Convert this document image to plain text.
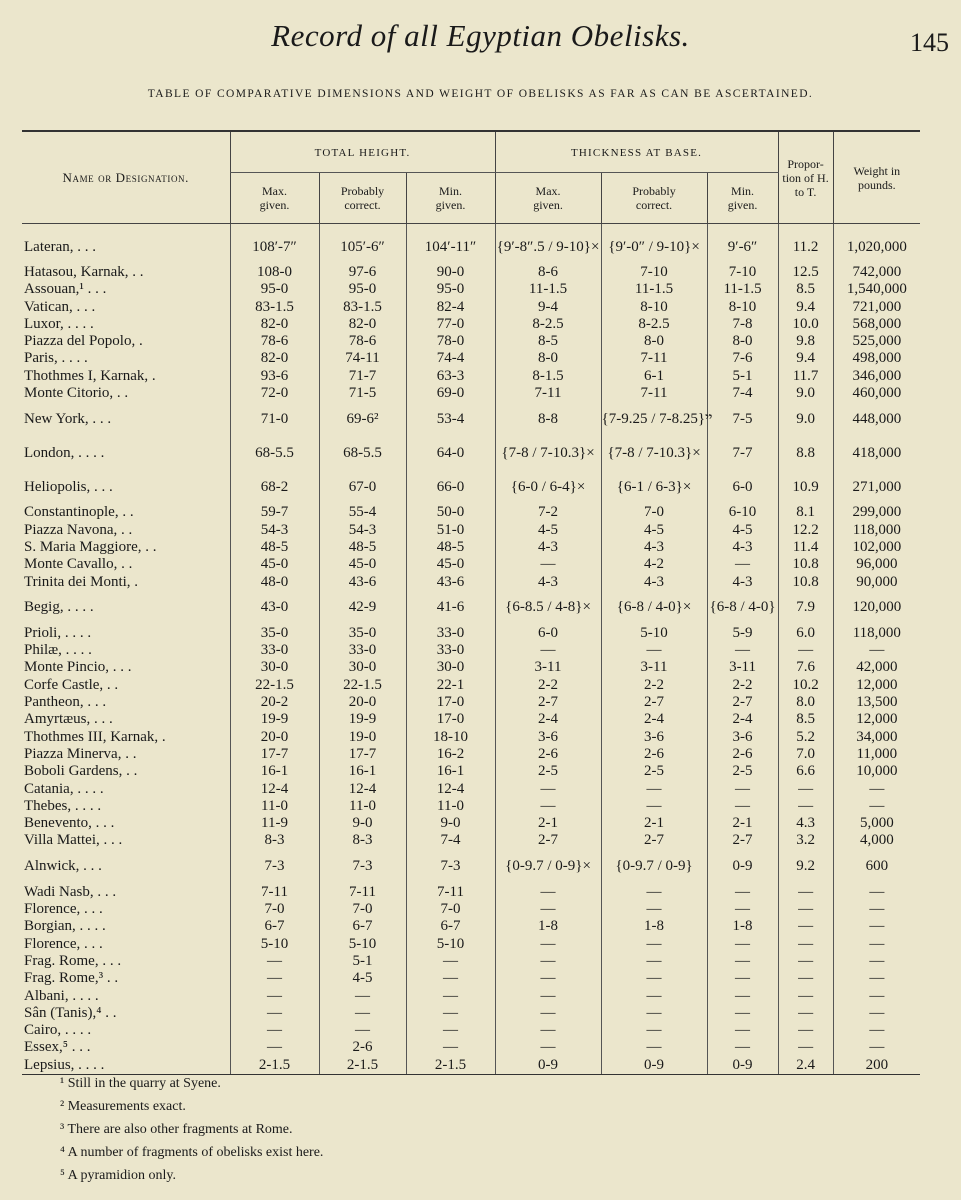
Record of all Egyptian Obelisks.	145
TABLE OF COMPARATIVE DIMENSIONS AND WEIGHT OF OBELISKS AS FAR AS CAN BE ASCERTAINED.
Name or Designation.	TOTAL HEIGHT.			THICKNESS AT BASE.			Propor-tion of H. to T.	Weight in pounds.
	Max. given.	Probably correct.	Min. given.	Max. given.	Probably correct.	Min. given.		
Lateran, . . .	108′-7″	105′-6″	104′-11″	{9′-8″.5 / 9-10}×	{9′-0″ / 9-10}×	9′-6″	11.2	1,020,000
Hatasou, Karnak, . .	108-0	97-6	90-0	8-6	7-10	7-10	12.5	742,000
Assouan,¹ . . .	95-0	95-0	95-0	11-1.5	11-1.5	11-1.5	8.5	1,540,000
Vatican, . . .	83-1.5	83-1.5	82-4	9-4	8-10	8-10	9.4	721,000
Luxor, . . . .	82-0	82-0	77-0	8-2.5	8-2.5	7-8	10.0	568,000
Piazza del Popolo, .	78-6	78-6	78-0	8-5	8-0	8-0	9.8	525,000
Paris, . . . .	82-0	74-11	74-4	8-0	7-11	7-6	9.4	498,000
Thothmes I, Karnak, .	93-6	71-7	63-3	8-1.5	6-1	5-1	11.7	346,000
Monte Citorio, . .	72-0	71-5	69-0	7-11	7-11	7-4	9.0	460,000
New York, . . .	71-0	69-6²	53-4	8-8	{7-9.25 / 7-8.25}ײ	7-5	9.0	448,000
London, . . . .	68-5.5	68-5.5	64-0	{7-8 / 7-10.3}×	{7-8 / 7-10.3}×	7-7	8.8	418,000
Heliopolis, . . .	68-2	67-0	66-0	{6-0 / 6-4}×	{6-1 / 6-3}×	6-0	10.9	271,000
Constantinople, . .	59-7	55-4	50-0	7-2	7-0	6-10	8.1	299,000
Piazza Navona, . .	54-3	54-3	51-0	4-5	4-5	4-5	12.2	118,000
S. Maria Maggiore, . .	48-5	48-5	48-5	4-3	4-3	4-3	11.4	102,000
Monte Cavallo, . .	45-0	45-0	45-0	—	4-2	—	10.8	96,000
Trinita dei Monti, .	48-0	43-6	43-6	4-3	4-3	4-3	10.8	90,000
Begig, . . . .	43-0	42-9	41-6	{6-8.5 / 4-8}×	{6-8 / 4-0}×	{6-8 / 4-0}	7.9	120,000
Prioli, . . . .	35-0	35-0	33-0	6-0	5-10	5-9	6.0	118,000
Philæ, . . . .	33-0	33-0	33-0	—	—	—	—	—
Monte Pincio, . . .	30-0	30-0	30-0	3-11	3-11	3-11	7.6	42,000
Corfe Castle, . .	22-1.5	22-1.5	22-1	2-2	2-2	2-2	10.2	12,000
Pantheon, . . .	20-2	20-0	17-0	2-7	2-7	2-7	8.0	13,500
Amyrtæus, . . .	19-9	19-9	17-0	2-4	2-4	2-4	8.5	12,000
Thothmes III, Karnak, .	20-0	19-0	18-10	3-6	3-6	3-6	5.2	34,000
Piazza Minerva, . .	17-7	17-7	16-2	2-6	2-6	2-6	7.0	11,000
Boboli Gardens, . .	16-1	16-1	16-1	2-5	2-5	2-5	6.6	10,000
Catania, . . . .	12-4	12-4	12-4	—	—	—	—	—
Thebes, . . . .	11-0	11-0	11-0	—	—	—	—	—
Benevento, . . .	11-9	9-0	9-0	2-1	2-1	2-1	4.3	5,000
Villa Mattei, . . .	8-3	8-3	7-4	2-7	2-7	2-7	3.2	4,000
Alnwick, . . .	7-3	7-3	7-3	{0-9.7 / 0-9}×	{0-9.7 / 0-9}	0-9	9.2	600
Wadi Nasb, . . .	7-11	7-11	7-11	—	—	—	—	—
Florence, . . .	7-0	7-0	7-0	—	—	—	—	—
Borgian, . . . .	6-7	6-7	6-7	1-8	1-8	1-8	—	—
Florence, . . .	5-10	5-10	5-10	—	—	—	—	—
Frag. Rome, . . .	—	5-1	—	—	—	—	—	—
Frag. Rome,³ . .	—	4-5	—	—	—	—	—	—
Albani, . . . .	—	—	—	—	—	—	—	—
Sân (Tanis),⁴ . .	—	—	—	—	—	—	—	—
Cairo, . . . .	—	—	—	—	—	—	—	—
Essex,⁵ . . .	—	2-6	—	—	—	—	—	—
Lepsius, . . . .	2-1.5	2-1.5	2-1.5	0-9	0-9	0-9	2.4	200
¹ Still in the quarry at Syene.
² Measurements exact.
³ There are also other fragments at Rome.
⁴ A number of fragments of obelisks exist here.
⁵ A pyramidion only.
